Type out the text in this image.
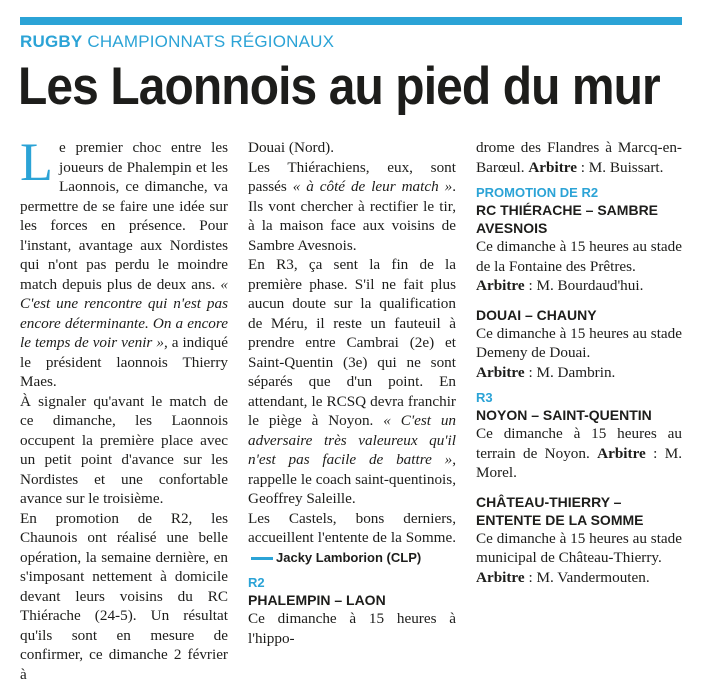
RUGBY CHAMPIONNATS RÉGIONAUX
Les Laonnois au pied du mur

Le premier choc entre les joueurs de Phalempin et les Laonnois, ce dimanche, va permettre de se faire une idée sur les forces en présence. Pour l'instant, avantage aux Nordistes qui n'ont pas perdu le moindre match depuis plus de deux ans. « C'est une rencontre qui n'est pas encore déterminante. On a encore le temps de voir venir », a indiqué le président laonnois Thierry Maes.

À signaler qu'avant le match de ce dimanche, les Laonnois occupent la première place avec un petit point d'avance sur les Nordistes et une confortable avance sur le troisième.

En promotion de R2, les Chaunois ont réalisé une belle opération, la semaine dernière, en s'imposant nettement à domicile devant leurs voisins du RC Thiérache (24-5). Un résultat qu'ils sont en mesure de confirmer, ce dimanche 2 février à

Douai (Nord).

Les Thiérachiens, eux, sont passés « à côté de leur match ». Ils vont chercher à rectifier le tir, à la maison face aux voisins de Sambre Avesnois.

En R3, ça sent la fin de la première phase. S'il ne fait plus aucun doute sur la qualification de Méru, il reste un fauteuil à prendre entre Cambrai (2e) et Saint-Quentin (3e) qui ne sont séparés que d'un point. En attendant, le RCSQ devra franchir le piège à Noyon. « C'est un adversaire très valeureux qu'il n'est pas facile de battre », rappelle le coach saint-quentinois, Geoffrey Saleille.

Les Castels, bons derniers, accueillent l'entente de la Somme.Jacky Lamborion (CLP)

R2
PHALEMPIN – LAON

Ce dimanche à 15 heures à l'hippo-

drome des Flandres à Marcq-en-Barœul. Arbitre : M. Buissart.

PROMOTION DE R2
RC THIÉRACHE – SAMBRE AVESNOIS

Ce dimanche à 15 heures au stade de la Fontaine des Prêtres.

Arbitre : M. Bourdaud'hui.

DOUAI – CHAUNY

Ce dimanche à 15 heures au stade Demeny de Douai.

Arbitre : M. Dambrin.

R3
NOYON – SAINT-QUENTIN

Ce dimanche à 15 heures au terrain de Noyon. Arbitre : M. Morel.

CHÂTEAU-THIERRY – ENTENTE DE LA SOMME

Ce dimanche à 15 heures au stade municipal de Château-Thierry.

Arbitre : M. Vandermouten.
